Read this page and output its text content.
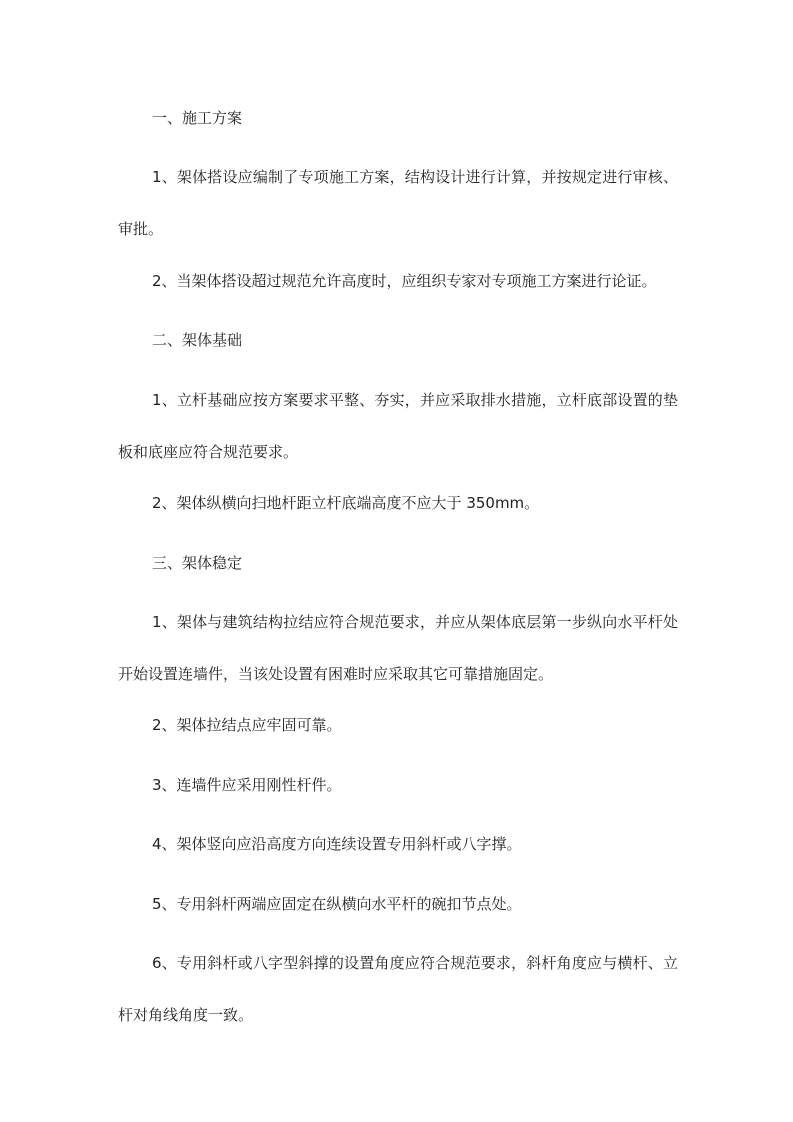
一、施工方案

1、架体搭设应编制了专项施工方案，结构设计进行计算，并按规定进行审核、审批。

2、当架体搭设超过规范允许高度时，应组织专家对专项施工方案进行论证。

二、架体基础

1、立杆基础应按方案要求平整、夯实，并应采取排水措施，立杆底部设置的垫板和底座应符合规范要求。

2、架体纵横向扫地杆距立杆底端高度不应大于 350mm。

三、架体稳定

1、架体与建筑结构拉结应符合规范要求，并应从架体底层第一步纵向水平杆处开始设置连墙件，当该处设置有困难时应采取其它可靠措施固定。

2、架体拉结点应牢固可靠。

3、连墙件应采用刚性杆件。

4、架体竖向应沿高度方向连续设置专用斜杆或八字撑。

5、专用斜杆两端应固定在纵横向水平杆的碗扣节点处。

6、专用斜杆或八字型斜撑的设置角度应符合规范要求，斜杆角度应与横杆、立杆对角线角度一致。
